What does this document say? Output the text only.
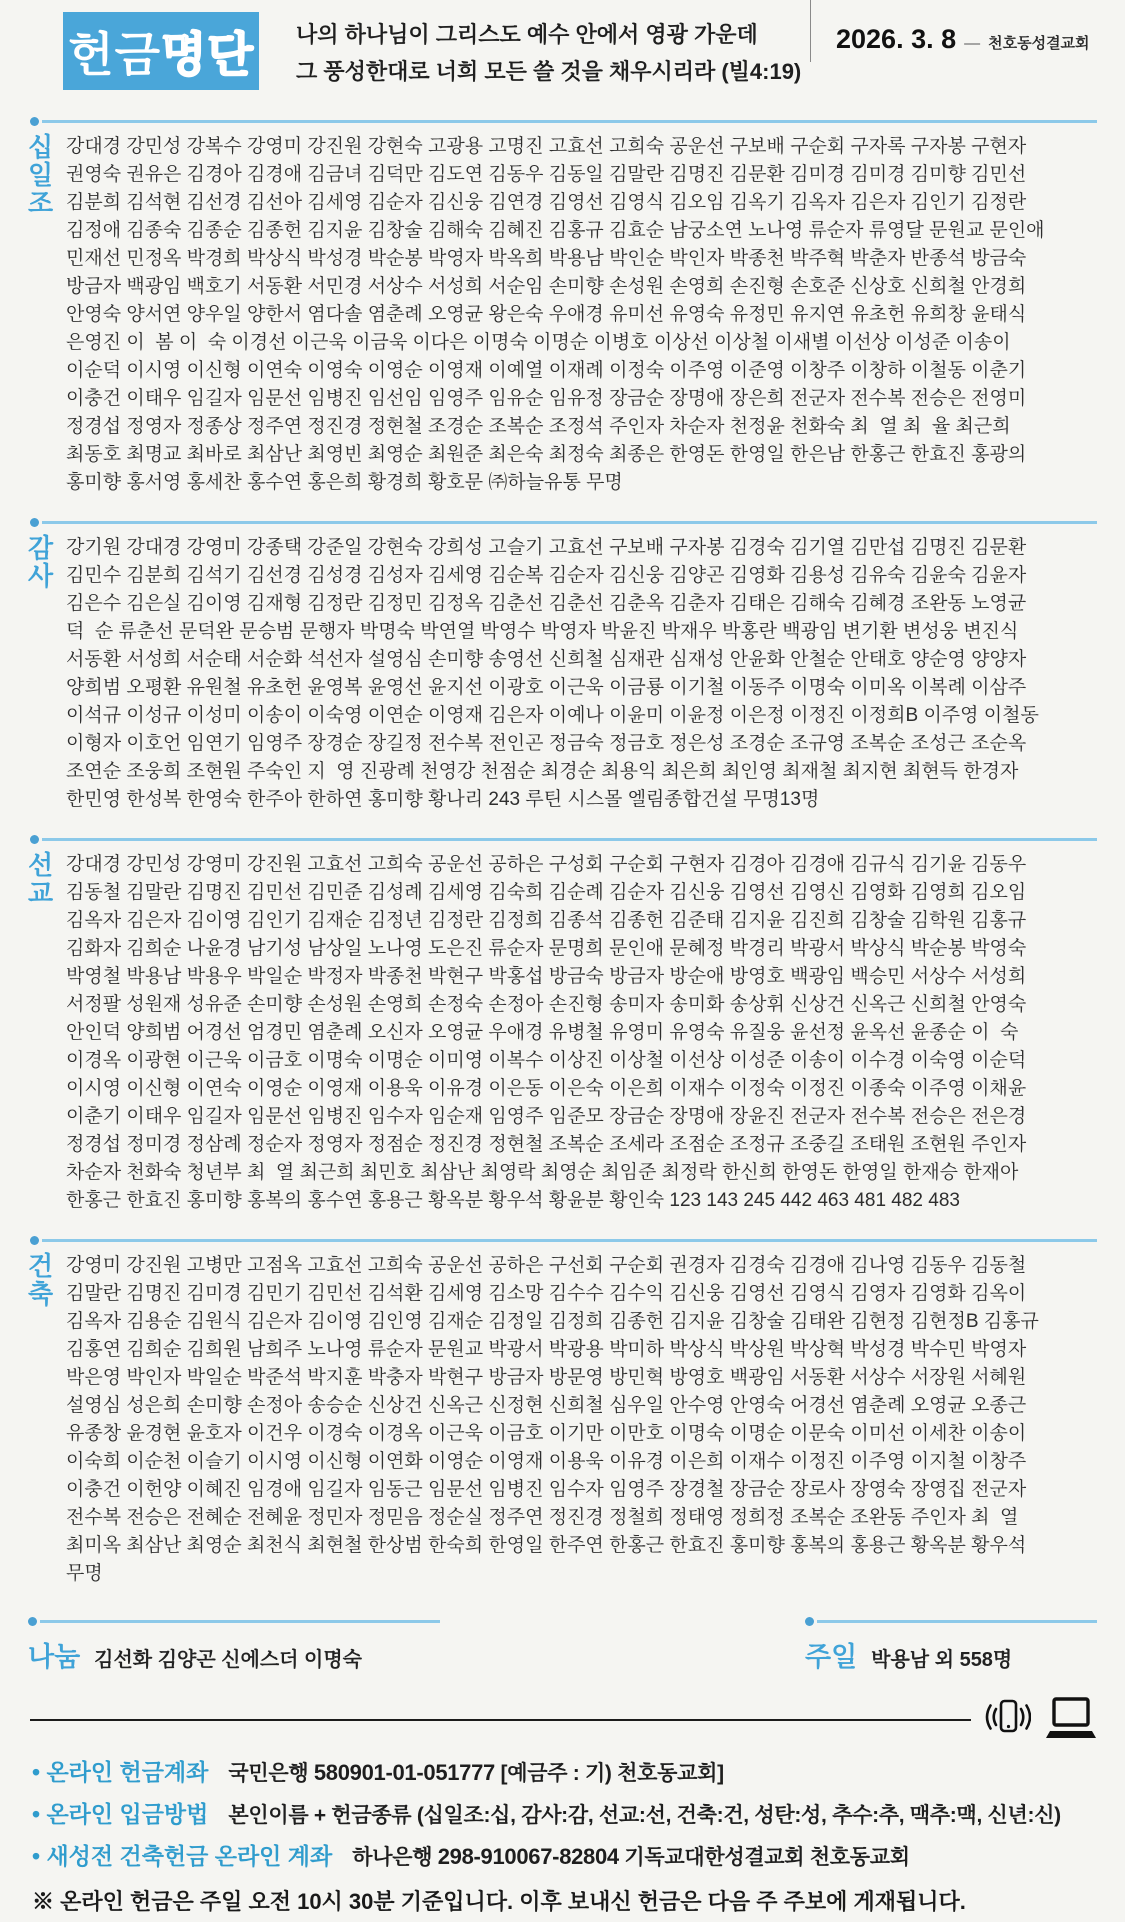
헌금 명단 나의 하나님이 그리스도 예수 안에서 영광 가운데
그 풍성한대로 너희 모든 쓸 것을 채우시리라 (빌4:19)
2026. 3. 8 — 천호동성결교회
십
일
조
강대경 강민성 강복수 강영미 강진원 강현숙 고광용 고명진 고효선 고희숙 공운선 구보배 구순회 구자록 구자봉 구현자
권영숙 권유은 김경아 김경애 김금녀 김덕만 김도연 김동우 김동일 김말란 김명진 김문환 김미경 김미경 김미향 김민선
김분희 김석현 김선경 김선아 김세영 김순자 김신웅 김연경 김영선 김영식 김오임 김옥기 김옥자 김은자 김인기 김정란
김정애 김종숙 김종순 김종헌 김지윤 김창술 김해숙 김혜진 김홍규 김효순 남궁소연 노나영 류순자 류영달 문원교 문인애
민재선 민정옥 박경희 박상식 박성경 박순봉 박영자 박옥희 박용남 박인순 박인자 박종천 박주혁 박춘자 반종석 방금숙
방금자 백광임 백호기 서동환 서민경 서상수 서성희 서순임 손미향 손성원 손영희 손진형 손호준 신상호 신희철 안경희
안영숙 양서연 양우일 양한서 염다솔 염춘례 오영균 왕은숙 우애경 유미선 유영숙 유정민 유지연 유초헌 유희창 윤태식
은영진 이  봄 이  숙 이경선 이근욱 이금욱 이다은 이명숙 이명순 이병호 이상선 이상철 이새별 이선상 이성준 이송이
이순덕 이시영 이신형 이연숙 이영숙 이영순 이영재 이예열 이재례 이정숙 이주영 이준영 이창주 이창하 이철동 이춘기
이충건 이태우 임길자 임문선 임병진 임선임 임영주 임유순 임유정 장금순 장명애 장은희 전군자 전수복 전승은 전영미
정경섭 정영자 정종상 정주연 정진경 정현철 조경순 조복순 조정석 주인자 차순자 천정윤 천화숙 최  열 최  율 최근희
최동호 최명교 최바로 최삼난 최영빈 최영순 최원준 최은숙 최정숙 최종은 한영돈 한영일 한은남 한홍근 한효진 홍광의
홍미향 홍서영 홍세찬 홍수연 홍은희 황경희 황호문 ㈜하늘유통 무명
감
사
강기원 강대경 강영미 강종택 강준일 강현숙 강희성 고슬기 고효선 구보배 구자봉 김경숙 김기열 김만섭 김명진 김문환
김민수 김분희 김석기 김선경 김성경 김성자 김세영 김순복 김순자 김신웅 김양곤 김영화 김용성 김유숙 김윤숙 김윤자
김은수 김은실 김이영 김재형 김정란 김정민 김정옥 김춘선 김춘선 김춘옥 김춘자 김태은 김해숙 김혜경 조완동 노영균
덕  순 류춘선 문덕완 문승범 문행자 박명숙 박연열 박영수 박영자 박윤진 박재우 박홍란 백광임 변기환 변성웅 변진식
서동환 서성희 서순태 서순화 석선자 설영심 손미향 송영선 신희철 심재관 심재성 안윤화 안철순 안태호 양순영 양양자
양희범 오평환 유원철 유초헌 윤영복 윤영선 윤지선 이광호 이근욱 이금룡 이기철 이동주 이명숙 이미옥 이복례 이삼주
이석규 이성규 이성미 이송이 이숙영 이연순 이영재 김은자 이예나 이윤미 이윤정 이은정 이정진 이정희B 이주영 이철동
이형자 이호언 임연기 임영주 장경순 장길정 전수복 전인곤 정금숙 정금호 정은성 조경순 조규영 조복순 조성근 조순옥
조연순 조웅희 조현원 주숙인 지  영 진광례 천영강 천점순 최경순 최용익 최은희 최인영 최재철 최지현 최현득 한경자
한민영 한성복 한영숙 한주아 한하연 홍미향 황나리 243 루틴 시스몰 엘림종합건설 무명13명
선
교
강대경 강민성 강영미 강진원 고효선 고희숙 공운선 공하은 구성회 구순회 구현자 김경아 김경애 김규식 김기윤 김동우
김동철 김말란 김명진 김민선 김민준 김성례 김세영 김숙희 김순례 김순자 김신웅 김영선 김영신 김영화 김영희 김오임
김옥자 김은자 김이영 김인기 김재순 김정년 김정란 김정희 김종석 김종헌 김준태 김지윤 김진희 김창술 김학원 김홍규
김화자 김희순 나윤경 남기성 남상일 노나영 도은진 류순자 문명희 문인애 문혜정 박경리 박광서 박상식 박순봉 박영숙
박영철 박용남 박용우 박일순 박정자 박종천 박현구 박홍섭 방금숙 방금자 방순애 방영호 백광임 백승민 서상수 서성희
서정팔 성원재 성유준 손미향 손성원 손영희 손정숙 손정아 손진형 송미자 송미화 송상휘 신상건 신옥근 신희철 안영숙
안인덕 양희범 어경선 엄경민 염춘례 오신자 오영균 우애경 유병철 유영미 유영숙 유질웅 윤선정 윤옥선 윤종순 이  숙
이경옥 이광현 이근욱 이금호 이명숙 이명순 이미영 이복수 이상진 이상철 이선상 이성준 이송이 이수경 이숙영 이순덕
이시영 이신형 이연숙 이영순 이영재 이용욱 이유경 이은동 이은숙 이은희 이재수 이정숙 이정진 이종숙 이주영 이채윤
이춘기 이태우 임길자 임문선 임병진 임수자 임순재 임영주 임준모 장금순 장명애 장윤진 전군자 전수복 전승은 전은경
정경섭 정미경 정삼례 정순자 정영자 정점순 정진경 정현철 조복순 조세라 조점순 조정규 조중길 조태원 조현원 주인자
차순자 천화숙 청년부 최  열 최근희 최민호 최삼난 최영락 최영순 최임준 최정락 한신희 한영돈 한영일 한재승 한재아
한홍근 한효진 홍미향 홍복의 홍수연 홍용근 황옥분 황우석 황윤분 황인숙 123 143 245 442 463 481 482 483
건
축
강영미 강진원 고병만 고점옥 고효선 고희숙 공운선 공하은 구선회 구순회 권경자 김경숙 김경애 김나영 김동우 김동철
김말란 김명진 김미경 김민기 김민선 김석환 김세영 김소망 김수수 김수익 김신웅 김영선 김영식 김영자 김영화 김옥이
김옥자 김용순 김원식 김은자 김이영 김인영 김재순 김정일 김정희 김종헌 김지윤 김창술 김태완 김현정 김현정B 김홍규
김홍연 김희순 김희원 남희주 노나영 류순자 문원교 박광서 박광용 박미하 박상식 박상원 박상혁 박성경 박수민 박영자
박은영 박인자 박일순 박준석 박지훈 박충자 박현구 방금자 방문영 방민혁 방영호 백광임 서동환 서상수 서장원 서혜원
설영심 성은희 손미향 손정아 송승순 신상건 신옥근 신정현 신희철 심우일 안수영 안영숙 어경선 염춘례 오영균 오종근
유종창 윤경현 윤호자 이건우 이경숙 이경옥 이근욱 이금호 이기만 이만호 이명숙 이명순 이문숙 이미선 이세찬 이송이
이숙희 이순천 이슬기 이시영 이신형 이연화 이영순 이영재 이용욱 이유경 이은희 이재수 이정진 이주영 이지철 이창주
이충건 이헌양 이혜진 임경애 임길자 임동근 임문선 임병진 임수자 임영주 장경철 장금순 장로사 장영숙 장영집 전군자
전수복 전승은 전혜순 전혜윤 정민자 정믿음 정순실 정주연 정진경 정철희 정태영 정희정 조복순 조완동 주인자 최  열
최미옥 최삼난 최영순 최천식 최현철 한상범 한숙희 한영일 한주연 한홍근 한효진 홍미향 홍복의 홍용근 황옥분 황우석
무명
나눔 김선화 김양곤 신에스더 이명숙	주일 박용남 외 558명
• 온라인 헌금계좌 국민은행 580901-01-051777 [예금주 : 기) 천호동교회]
• 온라인 입금방법 본인이름 + 헌금종류 (십일조:십, 감사:감, 선교:선, 건축:건, 성탄:성, 추수:추, 맥추:맥, 신년:신)
• 새성전 건축헌금 온라인 계좌 하나은행 298-910067-82804 기독교대한성결교회 천호동교회
※ 온라인 헌금은 주일 오전 10시 30분 기준입니다. 이후 보내신 헌금은 다음 주 주보에 게재됩니다.
